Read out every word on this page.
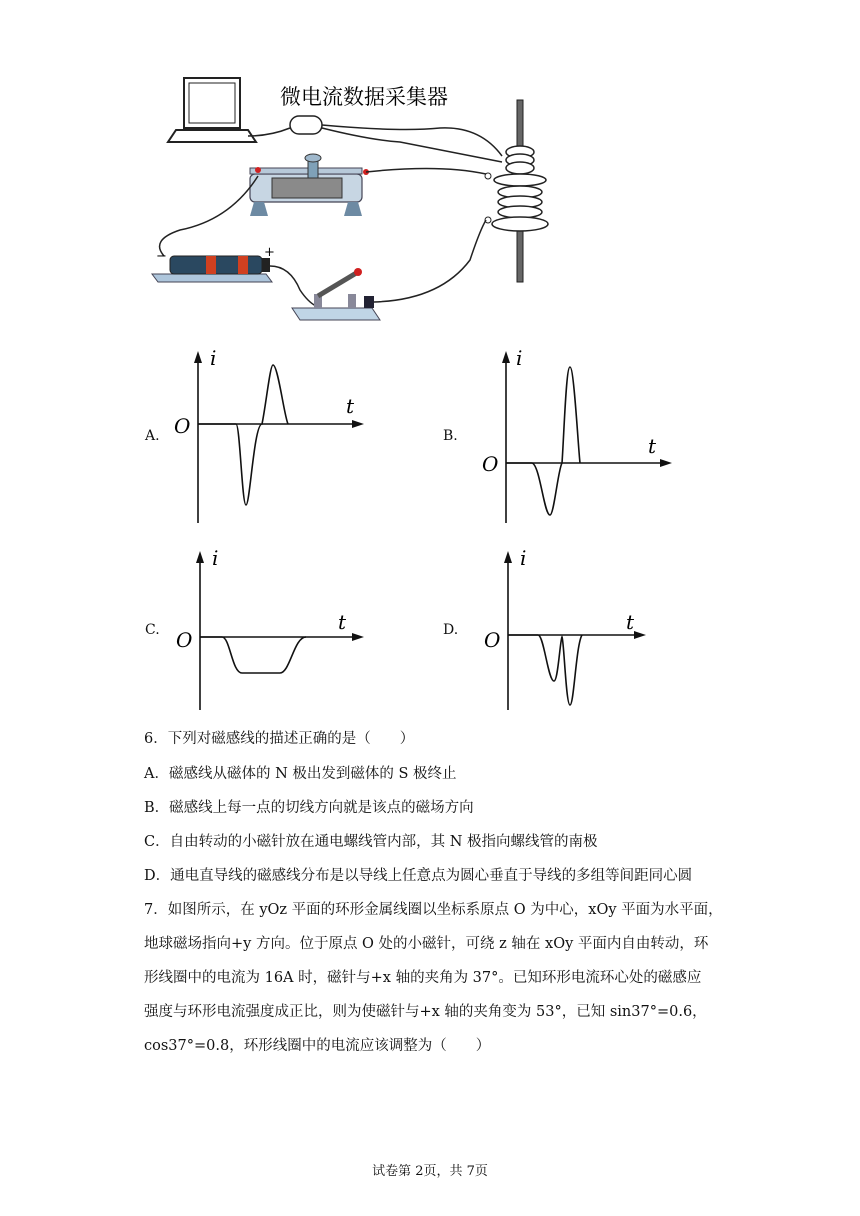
微电流数据采集器
−	+
A.
i
t
O	B.
i
t
O
C.
i
t
O	D.
i
t
O
6．下列对磁感线的描述正确的是（　　）
A．磁感线从磁体的 N 极出发到磁体的 S 极终止
B．磁感线上每一点的切线方向就是该点的磁场方向
C．自由转动的小磁针放在通电螺线管内部，其 N 极指向螺线管的南极
D．通电直导线的磁感线分布是以导线上任意点为圆心垂直于导线的多组等间距同心圆
7．如图所示，在 yOz 平面的环形金属线圈以坐标系原点 O 为中心，xOy 平面为水平面，
地球磁场指向+y 方向。位于原点 O 处的小磁针，可绕 z 轴在 xOy 平面内自由转动，环
形线圈中的电流为 16A 时，磁针与+x 轴的夹角为 37°。已知环形电流环心处的磁感应
强度与环形电流强度成正比，则为使磁针与+x 轴的夹角变为 53°，已知 sin37°=0.6，
cos37°=0.8，环形线圈中的电流应该调整为（　　）
试卷第 2页，共 7页
